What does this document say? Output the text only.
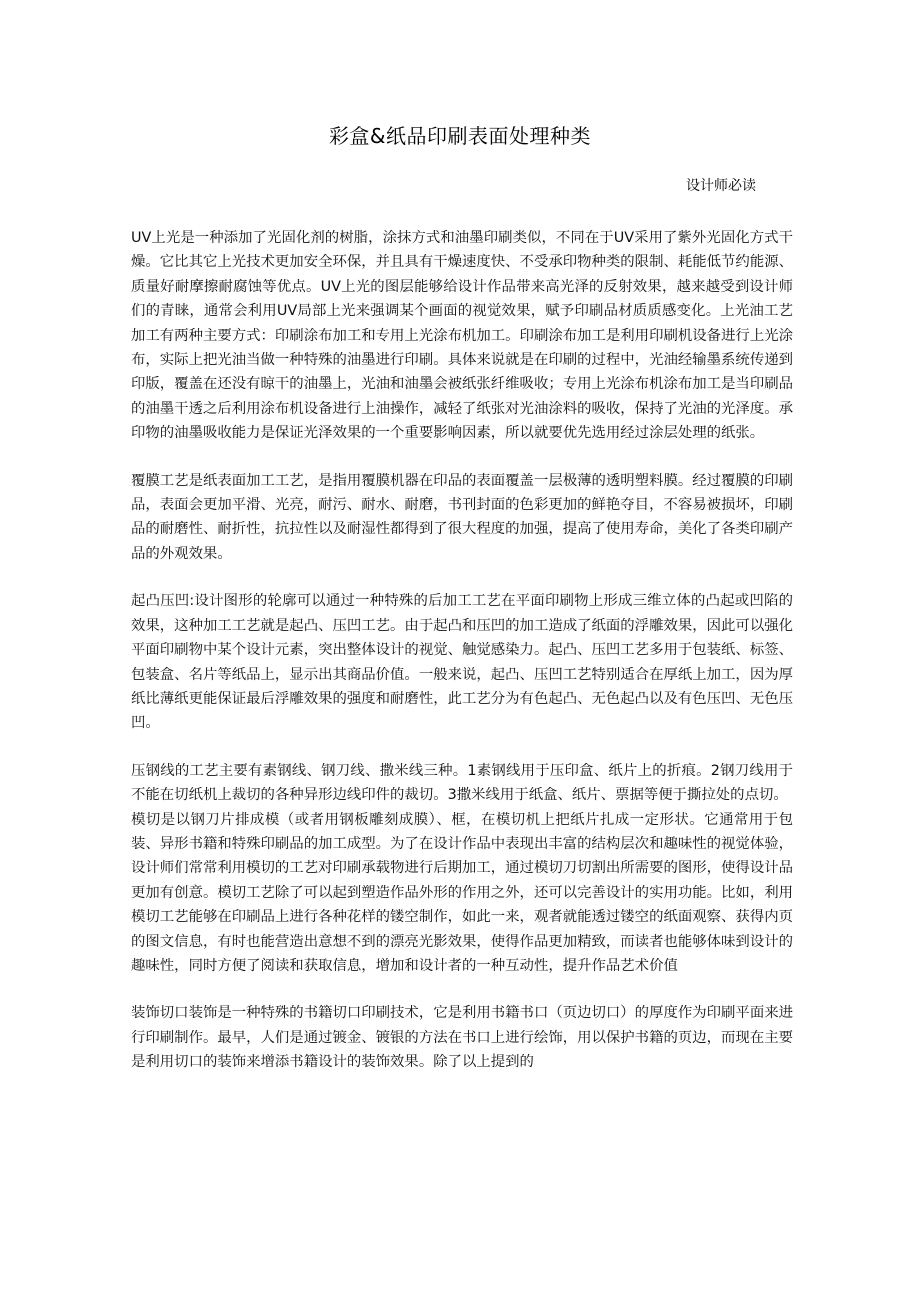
彩盒&纸品印刷表面处理种类
设计师必读

UV上光是一种添加了光固化剂的树脂，涂抹方式和油墨印刷类似，不同在于UV采用了紫外光固化方式干燥。它比其它上光技术更加安全环保，并且具有干燥速度快、不受承印物种类的限制、耗能低节约能源、质量好耐摩擦耐腐蚀等优点。UV上光的图层能够给设计作品带来高光泽的反射效果，越来越受到设计师们的青睐，通常会利用UV局部上光来强调某个画面的视觉效果，赋予印刷品材质质感变化。上光油工艺加工有两种主要方式：印刷涂布加工和专用上光涂布机加工。印刷涂布加工是利用印刷机设备进行上光涂布，实际上把光油当做一种特殊的油墨进行印刷。具体来说就是在印刷的过程中，光油经输墨系统传递到印版，覆盖在还没有晾干的油墨上，光油和油墨会被纸张纤维吸收；专用上光涂布机涂布加工是当印刷品的油墨干透之后利用涂布机设备进行上油操作，减轻了纸张对光油涂料的吸收，保持了光油的光泽度。承印物的油墨吸收能力是保证光泽效果的一个重要影响因素，所以就要优先选用经过涂层处理的纸张。

覆膜工艺是纸表面加工工艺，是指用覆膜机器在印品的表面覆盖一层极薄的透明塑料膜。经过覆膜的印刷品，表面会更加平滑、光亮，耐污、耐水、耐磨，书刊封面的色彩更加的鲜艳夺目，不容易被损坏，印刷品的耐磨性、耐折性，抗拉性以及耐湿性都得到了很大程度的加强，提高了使用寿命，美化了各类印刷产品的外观效果。

起凸压凹:设计图形的轮廓可以通过一种特殊的后加工工艺在平面印刷物上形成三维立体的凸起或凹陷的效果，这种加工工艺就是起凸、压凹工艺。由于起凸和压凹的加工造成了纸面的浮雕效果，因此可以强化平面印刷物中某个设计元素，突出整体设计的视觉、触觉感染力。起凸、压凹工艺多用于包装纸、标签、包装盒、名片等纸品上，显示出其商品价值。一般来说，起凸、压凹工艺特别适合在厚纸上加工，因为厚纸比薄纸更能保证最后浮雕效果的强度和耐磨性，此工艺分为有色起凸、无色起凸以及有色压凹、无色压凹。

压钢线的工艺主要有素钢线、钢刀线、撒米线三种。1素钢线用于压印盒、纸片上的折痕。2钢刀线用于不能在切纸机上裁切的各种异形边线印件的裁切。3撒米线用于纸盒、纸片、票据等便于撕拉处的点切。

模切是以钢刀片排成模（或者用钢板雕刻成膜）、框，在模切机上把纸片扎成一定形状。它通常用于包装、异形书籍和特殊印刷品的加工成型。为了在设计作品中表现出丰富的结构层次和趣味性的视觉体验，设计师们常常利用模切的工艺对印刷承载物进行后期加工，通过模切刀切割出所需要的图形，使得设计品更加有创意。模切工艺除了可以起到塑造作品外形的作用之外，还可以完善设计的实用功能。比如，利用模切工艺能够在印刷品上进行各种花样的镂空制作，如此一来，观者就能透过镂空的纸面观察、获得内页的图文信息，有时也能营造出意想不到的漂亮光影效果，使得作品更加精致，而读者也能够体味到设计的趣味性，同时方便了阅读和获取信息，增加和设计者的一种互动性，提升作品艺术价值

装饰切口装饰是一种特殊的书籍切口印刷技术，它是利用书籍书口（页边切口）的厚度作为印刷平面来进行印刷制作。最早，人们是通过镀金、镀银的方法在书口上进行绘饰，用以保护书籍的页边，而现在主要是利用切口的装饰来增添书籍设计的装饰效果。除了以上提到的
